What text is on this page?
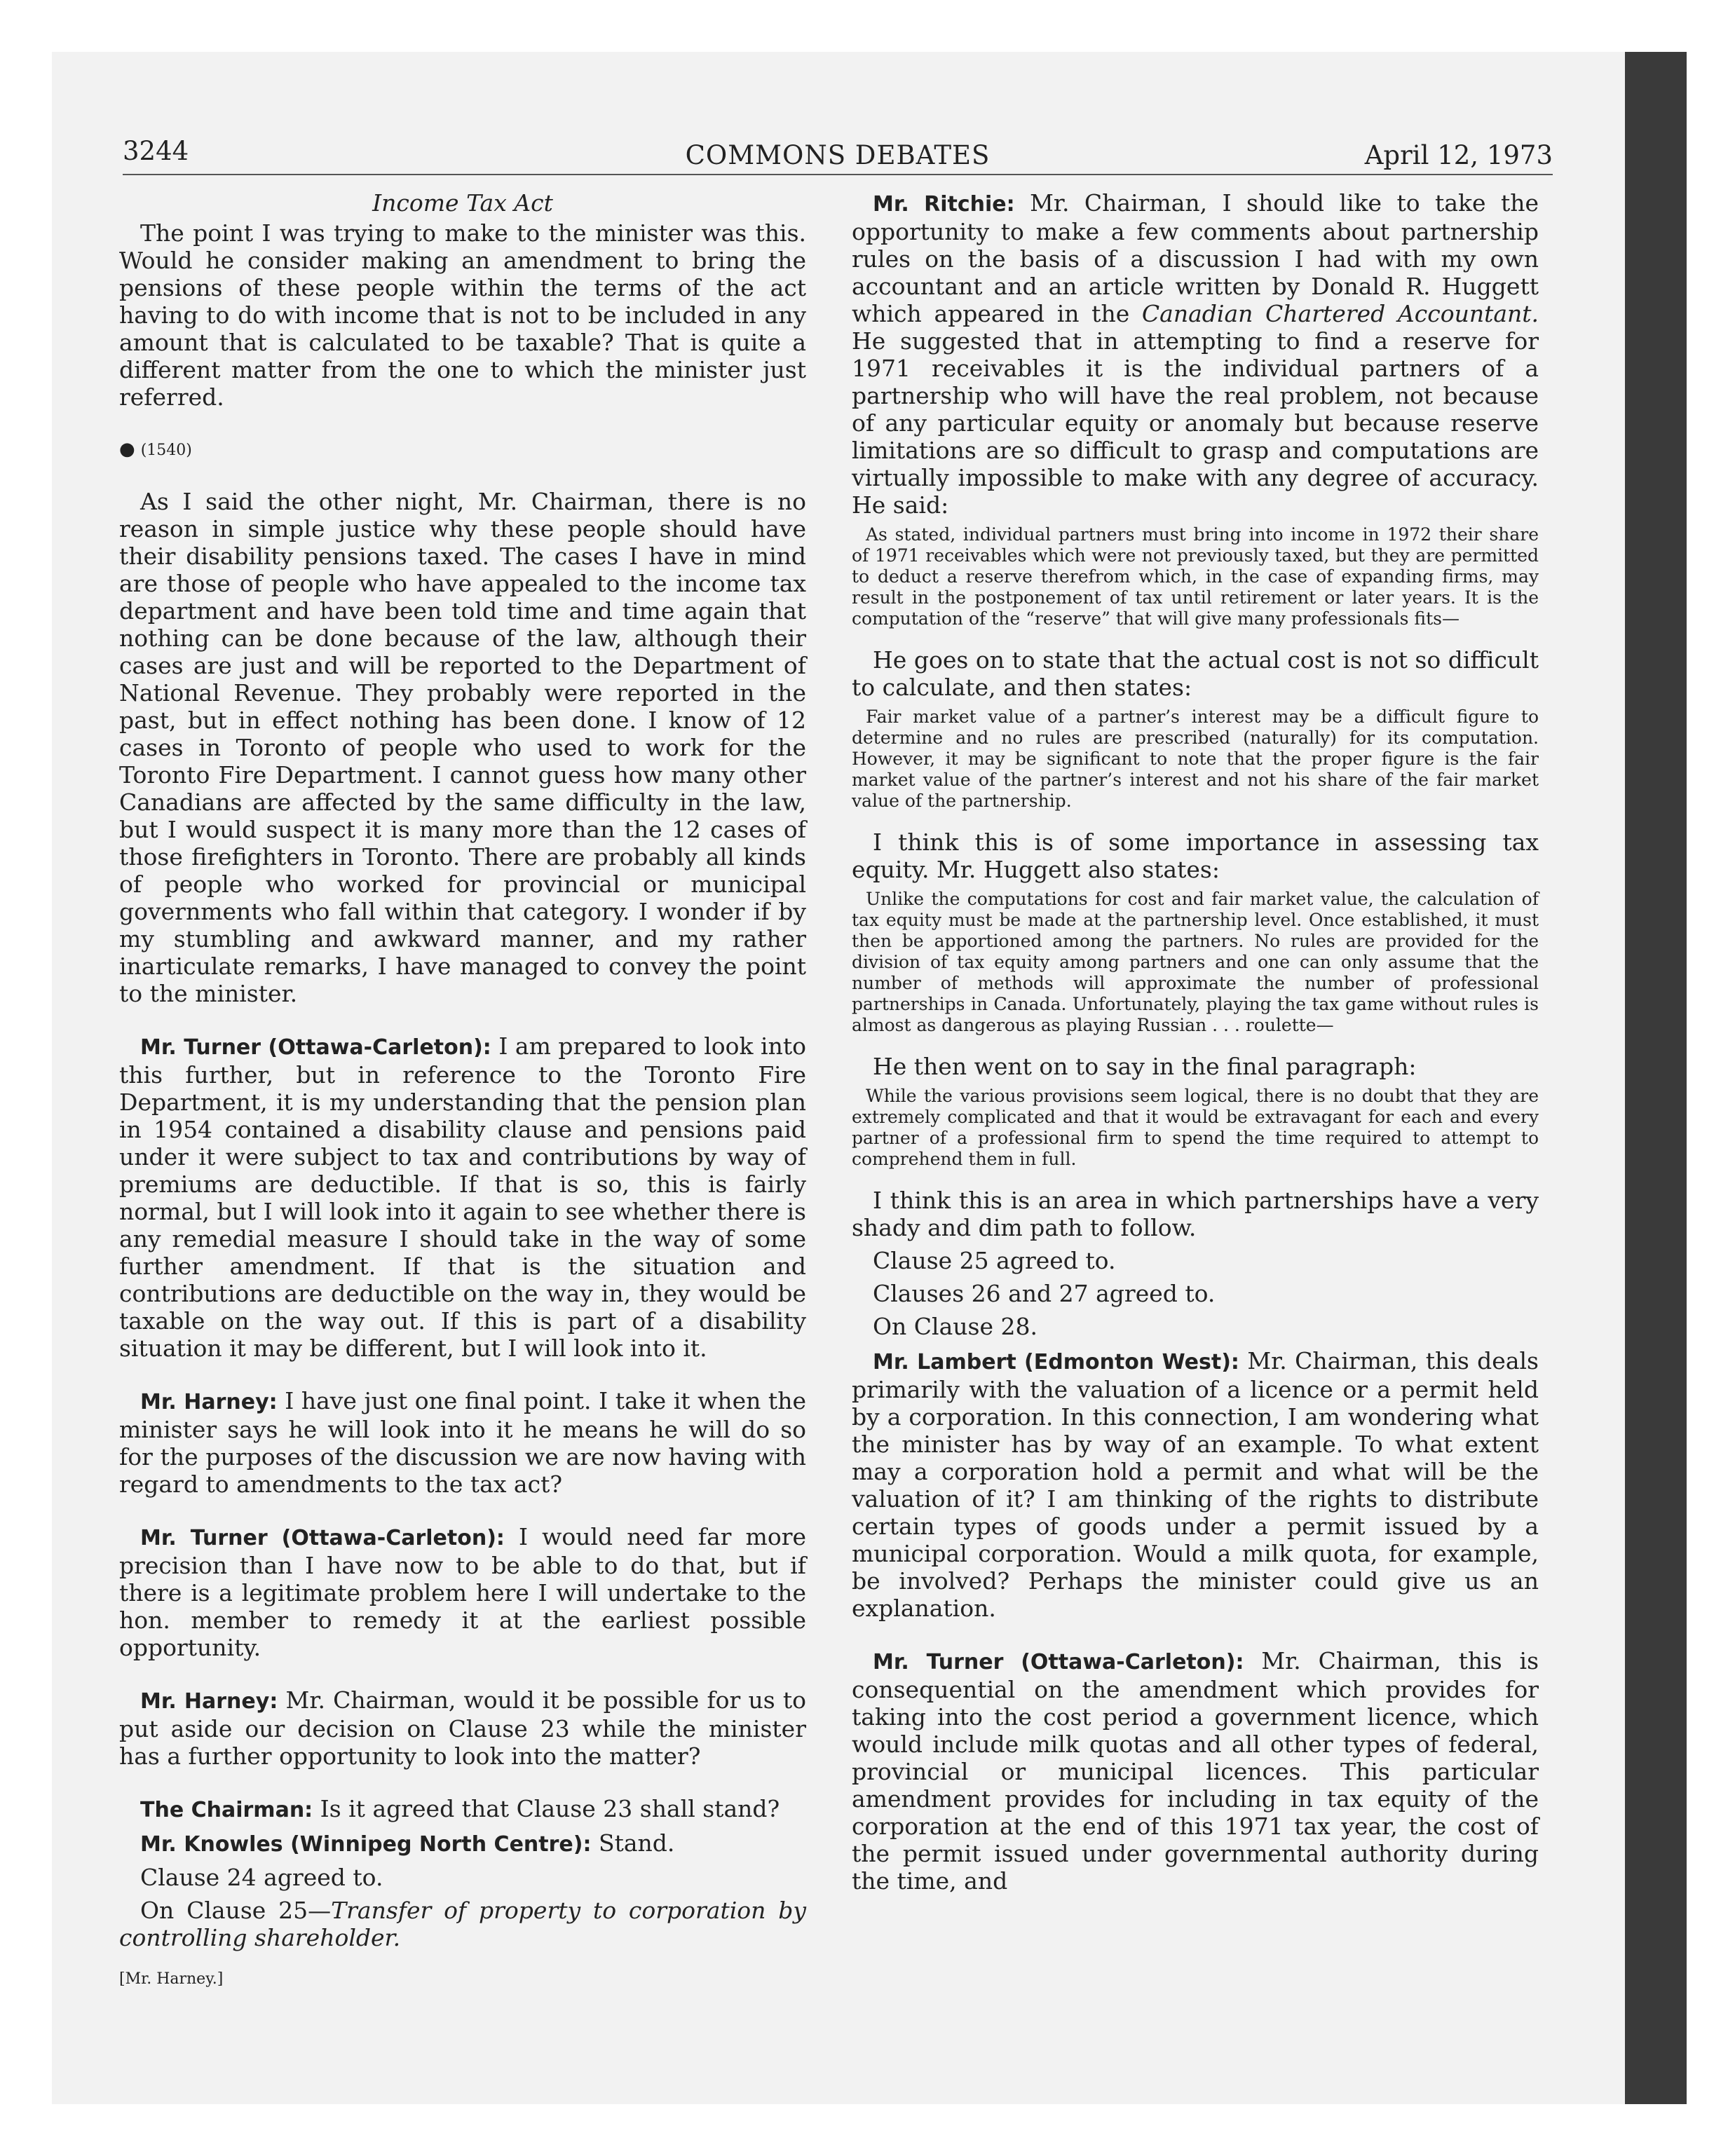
3244	COMMONS DEBATES	April 12, 1973

Income Tax Act

The point I was trying to make to the minister was this. Would he consider making an amendment to bring the pensions of these people within the terms of the act having to do with income that is not to be included in any amount that is calculated to be taxable? That is quite a different matter from the one to which the minister just referred.

● (1540)

As I said the other night, Mr. Chairman, there is no reason in simple justice why these people should have their disability pensions taxed. The cases I have in mind are those of people who have appealed to the income tax department and have been told time and time again that nothing can be done because of the law, although their cases are just and will be reported to the Department of National Revenue. They probably were reported in the past, but in effect nothing has been done. I know of 12 cases in Toronto of people who used to work for the Toronto Fire Department. I cannot guess how many other Canadians are affected by the same difficulty in the law, but I would suspect it is many more than the 12 cases of those firefighters in Toronto. There are probably all kinds of people who worked for provincial or municipal governments who fall within that category. I wonder if by my stumbling and awkward manner, and my rather inarticulate remarks, I have managed to convey the point to the minister.

Mr. Turner (Ottawa-Carleton): I am prepared to look into this further, but in reference to the Toronto Fire Department, it is my understanding that the pension plan in 1954 contained a disability clause and pensions paid under it were subject to tax and contributions by way of premiums are deductible. If that is so, this is fairly normal, but I will look into it again to see whether there is any remedial measure I should take in the way of some further amendment. If that is the situation and contributions are deductible on the way in, they would be taxable on the way out. If this is part of a disability situation it may be different, but I will look into it.

Mr. Harney: I have just one final point. I take it when the minister says he will look into it he means he will do so for the purposes of the discussion we are now having with regard to amendments to the tax act?

Mr. Turner (Ottawa-Carleton): I would need far more precision than I have now to be able to do that, but if there is a legitimate problem here I will undertake to the hon. member to remedy it at the earliest possible opportunity.

Mr. Harney: Mr. Chairman, would it be possible for us to put aside our decision on Clause 23 while the minister has a further opportunity to look into the matter?

The Chairman: Is it agreed that Clause 23 shall stand?

Mr. Knowles (Winnipeg North Centre): Stand.

Clause 24 agreed to.

On Clause 25—Transfer of property to corporation by controlling shareholder.

[Mr. Harney.]

Mr. Ritchie: Mr. Chairman, I should like to take the opportunity to make a few comments about partnership rules on the basis of a discussion I had with my own accountant and an article written by Donald R. Huggett which appeared in the Canadian Chartered Accountant. He suggested that in attempting to find a reserve for 1971 receivables it is the individual partners of a partnership who will have the real problem, not because of any particular equity or anomaly but because reserve limitations are so difficult to grasp and computations are virtually impossible to make with any degree of accuracy. He said:

As stated, individual partners must bring into income in 1972 their share of 1971 receivables which were not previously taxed, but they are permitted to deduct a reserve therefrom which, in the case of expanding firms, may result in the postponement of tax until retirement or later years. It is the computation of the “reserve” that will give many professionals fits—

He goes on to state that the actual cost is not so difficult to calculate, and then states:

Fair market value of a partner’s interest may be a difficult figure to determine and no rules are prescribed (naturally) for its computation. However, it may be significant to note that the proper figure is the fair market value of the partner’s interest and not his share of the fair market value of the partnership.

I think this is of some importance in assessing tax equity. Mr. Huggett also states:

Unlike the computations for cost and fair market value, the calculation of tax equity must be made at the partnership level. Once established, it must then be apportioned among the partners. No rules are provided for the division of tax equity among partners and one can only assume that the number of methods will approximate the number of professional partnerships in Canada. Unfortunately, playing the tax game without rules is almost as dangerous as playing Russian . . . roulette—

He then went on to say in the final paragraph:

While the various provisions seem logical, there is no doubt that they are extremely complicated and that it would be extravagant for each and every partner of a professional firm to spend the time required to attempt to comprehend them in full.

I think this is an area in which partnerships have a very shady and dim path to follow.

Clause 25 agreed to.

Clauses 26 and 27 agreed to.

On Clause 28.

Mr. Lambert (Edmonton West): Mr. Chairman, this deals primarily with the valuation of a licence or a permit held by a corporation. In this connection, I am wondering what the minister has by way of an example. To what extent may a corporation hold a permit and what will be the valuation of it? I am thinking of the rights to distribute certain types of goods under a permit issued by a municipal corporation. Would a milk quota, for example, be involved? Perhaps the minister could give us an explanation.

Mr. Turner (Ottawa-Carleton): Mr. Chairman, this is consequential on the amendment which provides for taking into the cost period a government licence, which would include milk quotas and all other types of federal, provincial or municipal licences. This particular amendment provides for including in tax equity of the corporation at the end of this 1971 tax year, the cost of the permit issued under governmental authority during the time, and
